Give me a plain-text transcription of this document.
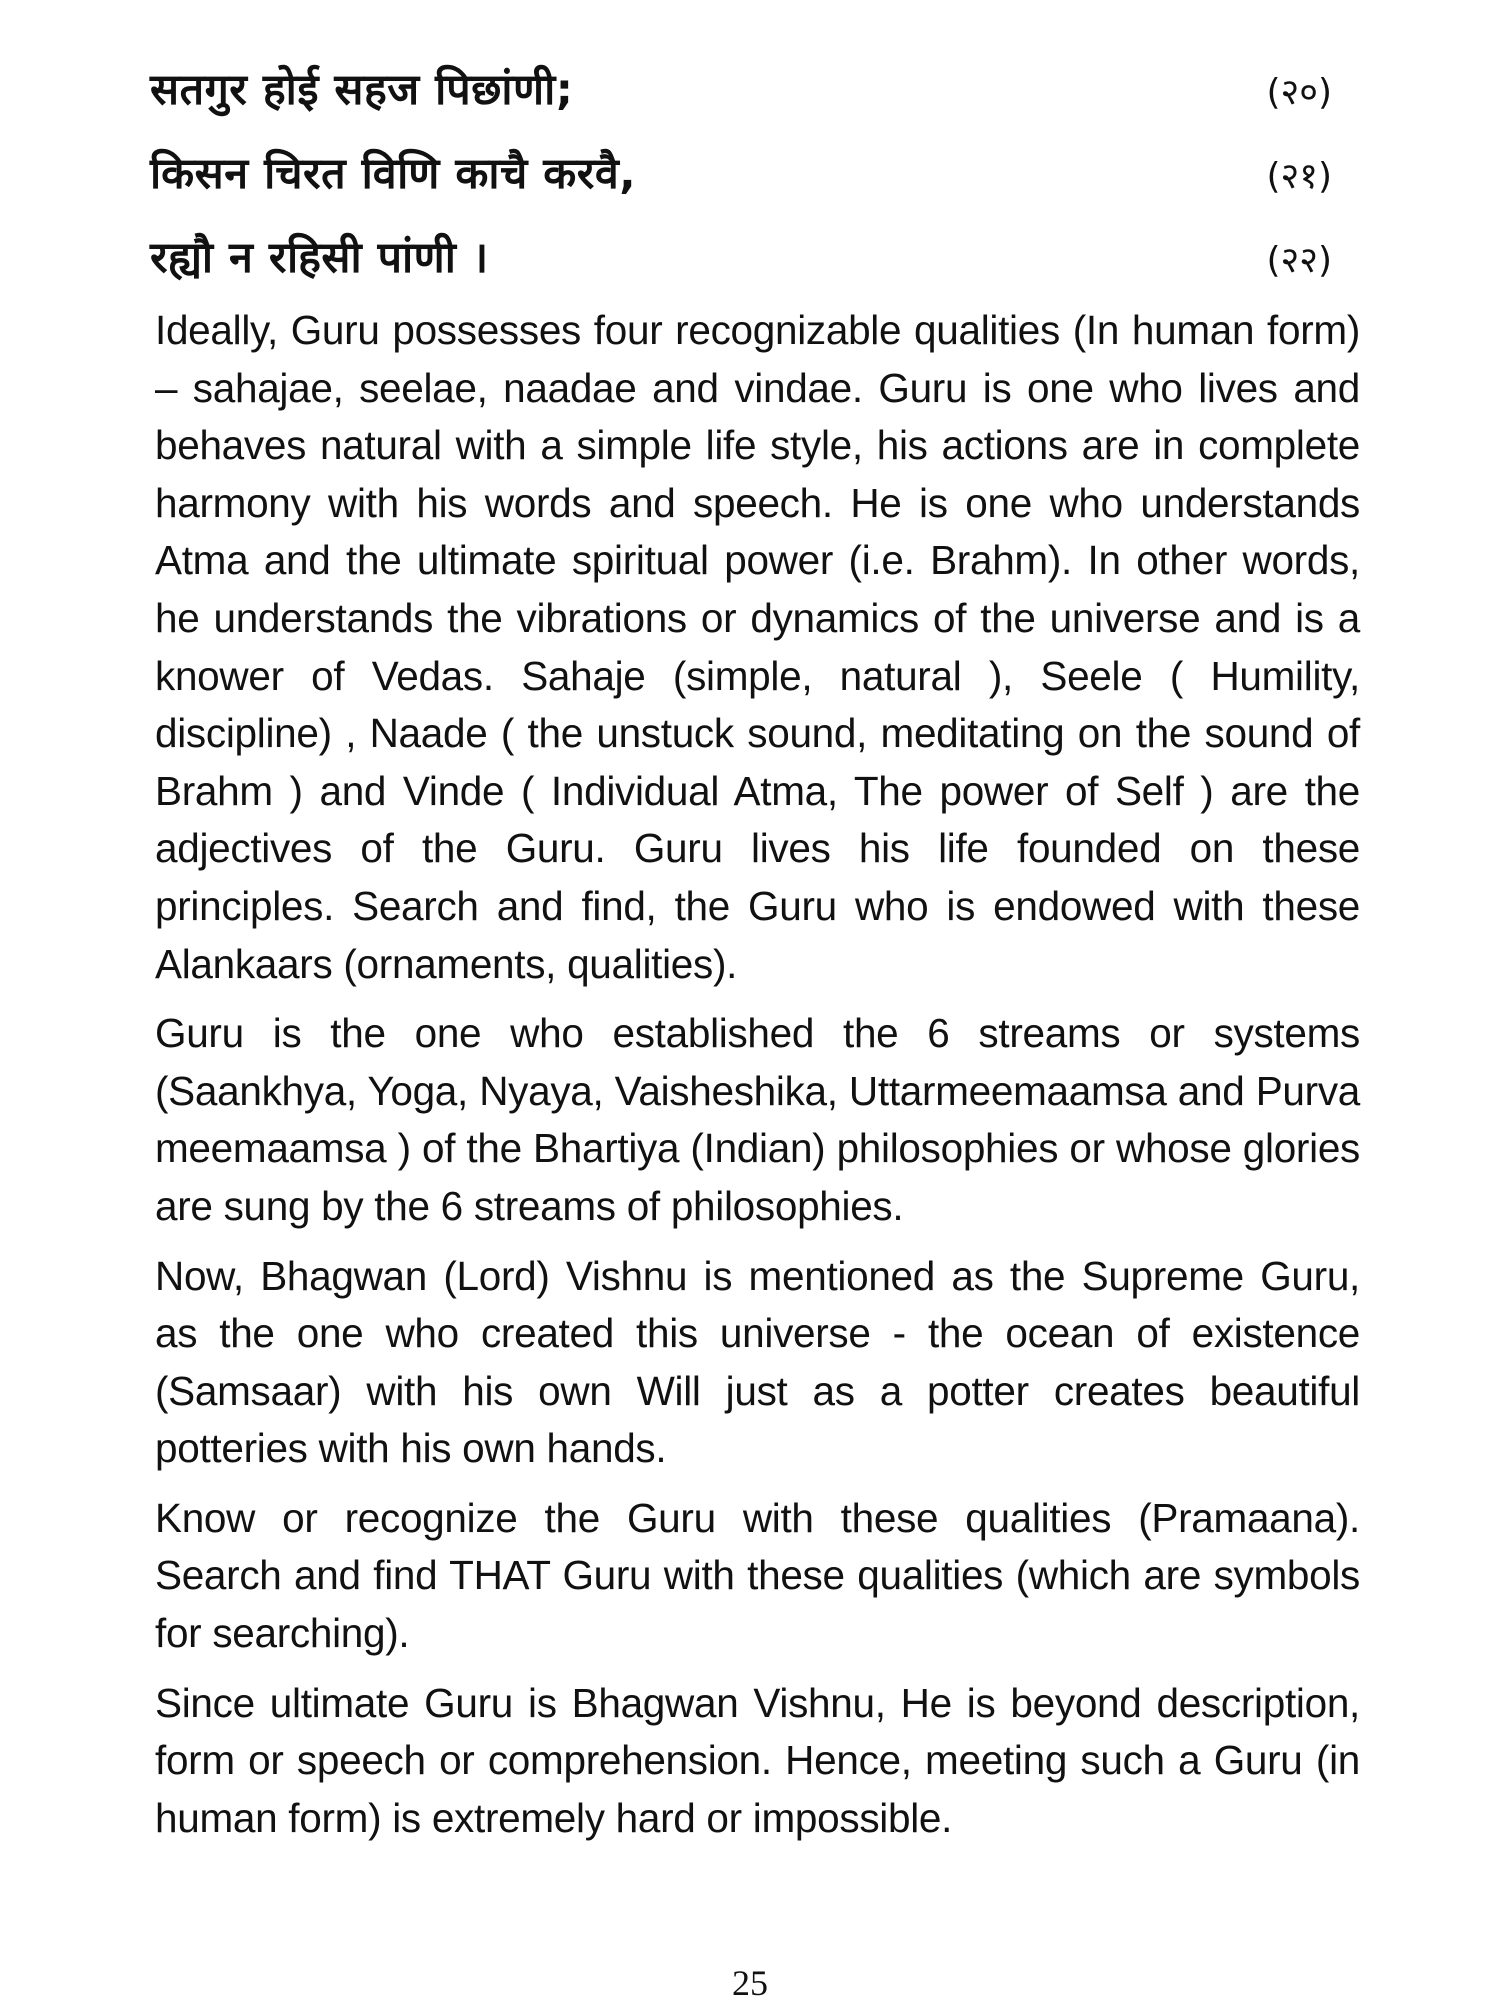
सतगुर होई सहज पिछांणी;	(२०)
किसन चिरत विणि काचै करवै,	(२१)
रह्यौ न रहिसी पांणी ।	(२२)

Ideally, Guru possesses four recognizable qualities (In human form) – sahajae, seelae, naadae and vindae. Guru is one who lives and behaves natural with a simple life style, his actions are in complete harmony with his words and speech. He is one who understands Atma and the ultimate spiritual power (i.e. Brahm). In other words, he understands the vibrations or dynamics of the universe and is a knower of Vedas. Sahaje (simple, natural ), Seele ( Humility, discipline) , Naade ( the unstuck sound, meditating on the sound of Brahm ) and Vinde ( Individual Atma, The power of Self ) are the adjectives of the Guru. Guru lives his life founded on these principles. Search and find, the Guru who is endowed with these Alankaars (ornaments, qualities).

Guru is the one who established the 6 streams or systems (Saankhya, Yoga, Nyaya, Vaisheshika, Uttarmeemaamsa and Purva meemaamsa ) of the Bhartiya (Indian) philosophies or whose glories are sung by the 6 streams of philosophies.

Now, Bhagwan (Lord) Vishnu is mentioned as the Supreme Guru, as the one who created this universe - the ocean of existence (Samsaar) with his own Will just as a potter creates beautiful potteries with his own hands.

Know or recognize the Guru with these qualities (Pramaana). Search and find THAT Guru with these qualities (which are symbols for searching).

Since ultimate Guru is Bhagwan Vishnu, He is beyond description, form or speech or comprehension. Hence, meeting such a Guru (in human form) is extremely hard or impossible.

25
